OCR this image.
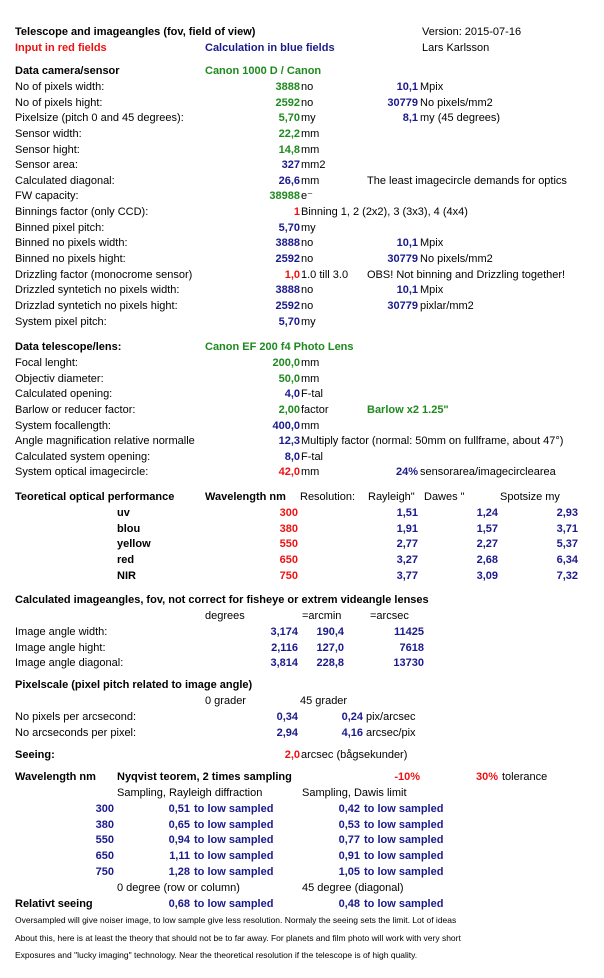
Telescope and imageangles (fov, field of view)	Version: 2015-07-16
Input in red fields	Calculation in blue fields	Lars Karlsson
Data camera/sensor	Canon 1000 D / Canon
No of pixels width:	3888 no	10,1 Mpix
No of pixels hight:	2592 no	30779 No pixels/mm2
Pixelsize (pitch 0 and 45 degrees):	5,70 my	8,1 my (45 degrees)
Sensor width:	22,2 mm
Sensor hight:	14,8 mm
Sensor area:	327 mm2
Calculated diagonal:	26,6 mm	The least imagecircle demands for optics
FW capacity:	38988 e⁻
Binnings factor (only CCD):	1 Binning 1, 2 (2x2), 3 (3x3), 4 (4x4)
Binned pixel pitch:	5,70 my
Binned no pixels width:	3888 no	10,1 Mpix
Binned no pixels hight:	2592 no	30779 No pixels/mm2
Drizzling factor (monocrome sensor)	1,0 1.0 till 3.0 OBS! Not binning and Drizzling together!
Drizzled syntetich no pixels width:	3888 no	10,1 Mpix
Drizzlad syntetich no pixels hight:	2592 no	30779 pixlar/mm2
System pixel pitch:	5,70 my
Data telescope/lens:	Canon EF 200 f4 Photo Lens
Focal lenght:	200,0 mm
Objectiv diameter:	50,0 mm
Calculated opening:	4,0 F-tal
Barlow or reducer factor:	2,00 factor	Barlow x2 1.25"
System focallength:	400,0 mm
Angle magnification relative normalle	12,3 Multiply factor (normal: 50mm on fullframe, about 47°)
Calculated system opening:	8,0 F-tal
System optical imagecircle:	42,0 mm	24% sensorarea/imagecirclearea
Teoretical optical performance	Wavelength nm Resolution: Rayleigh" Dawes "	Spotsize my
uv	300	1,51	1,24	2,93
blou	380	1,91	1,57	3,71
yellow	550	2,77	2,27	5,37
red	650	3,27	2,68	6,34
NIR	750	3,77	3,09	7,32
Calculated imageangles, fov, not correct for fisheye or extrem videangle lenses
degrees	=arcmin	=arcsec
Image angle width:	3,174	190,4	11425
Image angle hight:	2,116	127,0	7618
Image angle diagonal:	3,814	228,8	13730
Pixelscale (pixel pitch related to image angle)
0 grader	45 grader
No pixels per arcsecond:	0,34	0,24 pix/arcsec
No arcseconds per pixel:	2,94	4,16 arcsec/pix
Seeing:	2,0 arcsec (bågsekunder)
Wavelength nm Nyqvist teorem, 2 times sampling	-10%	30% tolerance
Sampling, Rayleigh diffraction	Sampling, Dawis limit
300	0,51 to low sampled	0,42 to low sampled
380	0,65 to low sampled	0,53 to low sampled
550	0,94 to low sampled	0,77 to low sampled
650	1,11 to low sampled	0,91 to low sampled
750	1,28 to low sampled	1,05 to low sampled
0 degree (row or column)	45 degree (diagonal)
Relativt seeing	0,68 to low sampled	0,48 to low sampled
Oversampled will give noiser image, to low sample give less resolution. Normaly the seeing sets the limit. Lot of ideas
About this, here is at least the theory that should not be to far away. For planets and film photo will work with very short
Exposures and "lucky imaging" technology. Near the theoretical resolution if the telescope is of high quality.
